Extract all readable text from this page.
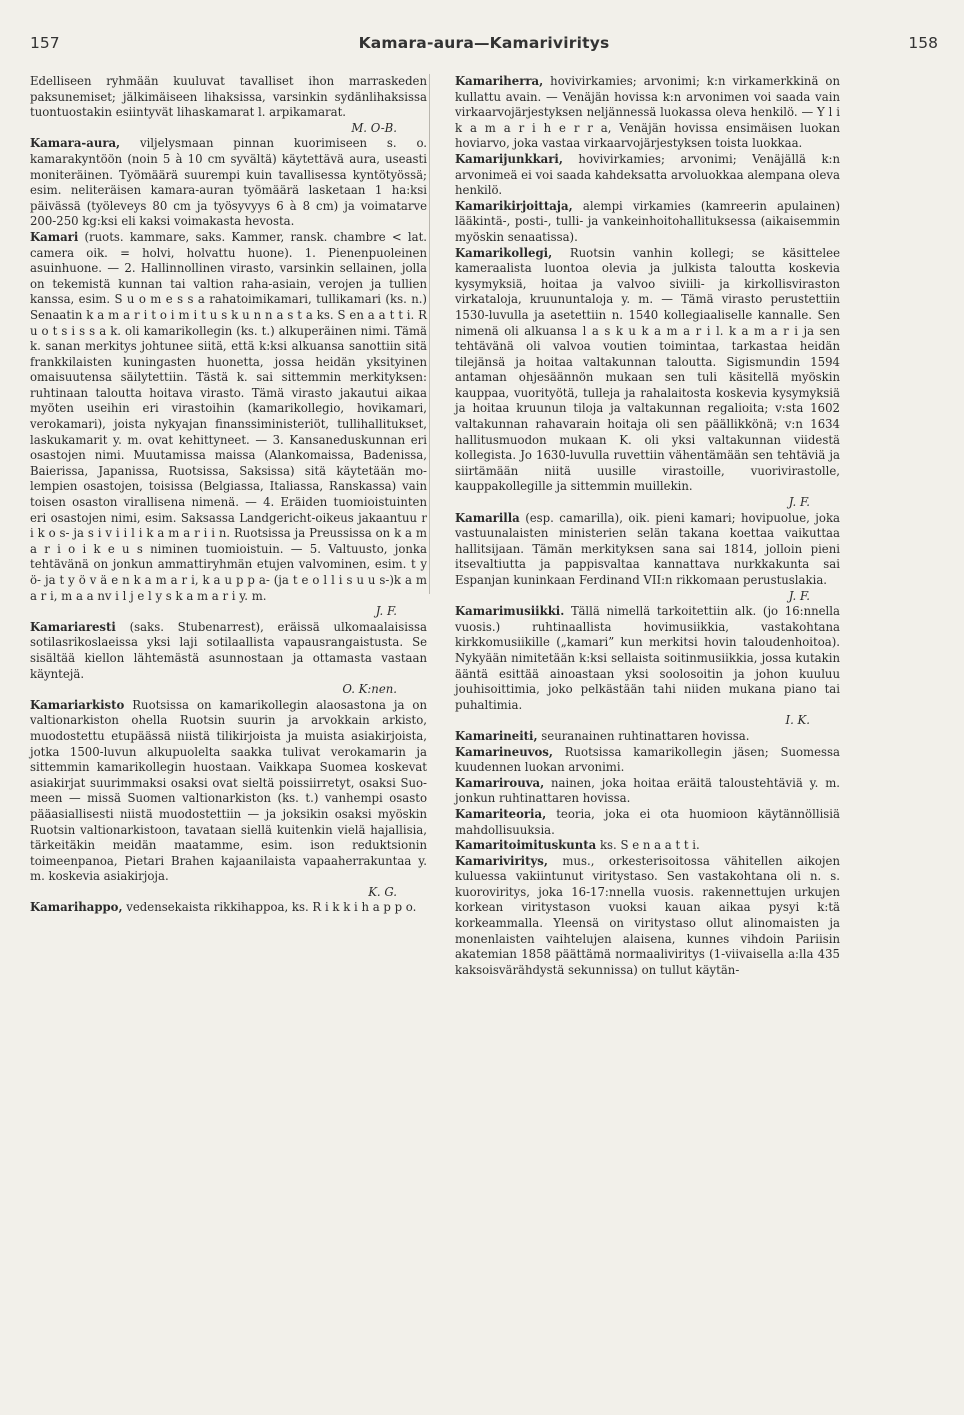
157	Kamara-aura—Kamariviritys	158

Edelliseen ryhmään kuuluvat tavalliset ihon marraskeden paksunemiset; jälkimäiseen lihaksissa, varsinkin sydänlihaksissa tuontuostakin esiintyvät lihaskamarat l. arpikamarat.
M. O-B.

Kamara-aura, viljelysmaan pinnan kuorimiseen s. o. kamarakyntöön (noin 5 à 10 cm syvältä) käytettävä aura, useasti moniteräinen. Työmäärä suurempi kuin tavallisessa kyntötyössä; esim. neliteräisen kamara-auran työmäärä lasketaan 1 ha:ksi päivässä (työleveys 80 cm ja työsyvyys 6 à 8 cm) ja voimatarve 200-250 kg:ksi eli kaksi voimakasta hevosta.

Kamari (ruots. kammare, saks. Kammer, ransk. chambre < lat. camera oik. = holvi, holvattu huone). 1. Pienenpuoleinen asuinhuone. — 2. Hallinnollinen virasto, varsinkin sellainen, jolla on tekemistä kunnan tai valtion raha-asiain, verojen ja tullien kanssa, esim. S u o m e s s a rahatoimikamari, tullikamari (ks. n.) Senaatin k a m a r i t o i m i t u s k u n n a s t a ks. S en a a t t i. R u o t s i s s a k. oli kamarikollegin (ks. t.) alkuperäinen nimi. Tämä k. sanan merkitys johtunee siitä, että k:ksi alkuansa sanottiin sitä frankkilaisten kuningasten huonetta, jossa heidän yksityinen omaisuutensa säilytettiin. Tästä k. sai sittemmin merkityksen: ruhtinaan taloutta hoitava virasto. Tämä virasto jakautui aikaa myöten useihin eri virastoihin (kamarikollegio, hovikamari, verokamari), joista nykyajan finanssiministeriöt, tullihallitukset, laskukamarit y. m. ovat kehittyneet. — 3. Kansaneduskunnan eri osastojen nimi. Muutamissa maissa (Alankomaissa, Badenissa, Baierissa, Japanissa, Ruotsissa, Saksissa) sitä käytetään molempien osastojen, toisissa (Belgiassa, Italiassa, Ranskassa) vain toisen osaston virallisena nimenä. — 4. Eräiden tuomioistuinten eri osastojen nimi, esim. Saksassa Landgericht-oikeus jakaantuu r i k o s- ja s i v i i l i k a m a r i i n. Ruotsissa ja Preussissa on k a m a r i o i k e u s niminen tuomioistuin. — 5. Valtuusto, jonka tehtävänä on jonkun ammattiryhmän etujen valvominen, esim. t y ö- ja t y ö v ä e n k a m a r i, k a u p p a- (ja t e o l l i s u u s-)k a m a r i, m a a nv i l j e l y s k a m a r i y. m.
J. F.

Kamariaresti (saks. Stubenarrest), eräissä ulkomaalaisissa sotilasrikoslaeissa yksi laji sotilaallista vapausrangaistusta. Se sisältää kiellon lähtemästä asunnostaan ja ottamasta vastaan käyntejä.
O. K:nen.

Kamariarkisto Ruotsissa on kamarikollegin alaosastona ja on valtionarkiston ohella Ruotsin suurin ja arvokkain arkisto, muodostettu etupäässä niistä tilikirjoista ja muista asiakirjoista, jotka 1500-luvun alkupuolelta saakka tulivat verokamarin ja sittemmin kamarikollegin huostaan. Vaikkapa Suomea koskevat asiakirjat suurimmaksi osaksi ovat sieltä poissiirretyt, osaksi Suomeen — missä Suomen valtionarkiston (ks. t.) vanhempi osasto pääasiallisesti niistä muodostettiin — ja joksikin osaksi myöskin Ruotsin valtionarkistoon, tavataan siellä kuitenkin vielä hajallisia, tärkeitäkin meidän maatamme, esim. ison reduktsionin toimeenpanoa, Pietari Brahen kajaanilaista vapaaherrakuntaa y. m. koskevia asiakirjoja.
K. G.

Kamarihappo, vedensekaista rikkihappoa, ks. R i k k i h a p p o.

Kamariherra, hovivirkamies; arvonimi; k:n virkamerkkinä on kullattu avain. — Venäjän hovissa k:n arvonimen voi saada vain virkaarvojärjestyksen neljännessä luokassa oleva henkilö. — Y l i k a m a r i h e r r a, Venäjän hovissa ensimäisen luokan hoviarvo, joka vastaa virkaarvojärjestyksen toista luokkaa.

Kamarijunkkari, hovivirkamies; arvonimi; Venäjällä k:n arvonimeä ei voi saada kahdeksatta arvoluokkaa alempana oleva henkilö.

Kamarikirjoittaja, alempi virkamies (kamreerin apulainen) lääkintä-, posti-, tulli- ja vankeinhoitohallituksessa (aikaisemmin myöskin senaatissa).

Kamarikollegi, Ruotsin vanhin kollegi; se käsittelee kameraalista luontoa olevia ja julkista taloutta koskevia kysymyksiä, hoitaa ja valvoo siviili- ja kirkollisviraston virkataloja, kruununtaloja y. m. — Tämä virasto perustettiin 1530-luvulla ja asetettiin n. 1540 kollegiaaliselle kannalle. Sen nimenä oli alkuansa l a s k u k a m a r i l. k a m a r i ja sen tehtävänä oli valvoa voutien toimintaa, tarkastaa heidän tilejänsä ja hoitaa valtakunnan taloutta. Sigismundin 1594 antaman ohjesäännön mukaan sen tuli käsitellä myöskin kauppaa, vuorityötä, tulleja ja rahalaitosta koskevia kysymyksiä ja hoitaa kruunun tiloja ja valtakunnan regalioita; v:sta 1602 valtakunnan rahavarain hoitaja oli sen päällikkönä; v:n 1634 hallitusmuodon mukaan K. oli yksi valtakunnan viidestä kollegista. Jo 1630-luvulla ruvettiin vähentämään sen tehtäviä ja siirtämään niitä uusille virastoille, vuorivirastolle, kauppakollegille ja sittemmin muillekin.
J. F.

Kamarilla (esp. camarilla), oik. pieni kamari; hovipuolue, joka vastuunalaisten ministerien selän takana koettaa vaikuttaa hallitsijaan. Tämän merkityksen sana sai 1814, jolloin pieni itsevaltiutta ja pappisvaltaa kannattava nurkkakunta sai Espanjan kuninkaan Ferdinand VII:n rikkomaan perustuslakia.
J. F.

Kamarimusiikki. Tällä nimellä tarkoitettiin alk. (jo 16:nnella vuosis.) ruhtinaallista hovimusiikkia, vastakohtana kirkkomusiikille („kamari” kun merkitsi hovin taloudenhoitoa). Nykyään nimitetään k:ksi sellaista soitinmusiikkia, jossa kutakin ääntä esittää ainoastaan yksi soolosoitin ja johon kuuluu jouhisoittimia, joko pelkästään tahi niiden mukana piano tai puhaltimia.
I. K.

Kamarineiti, seuranainen ruhtinattaren hovissa.

Kamarineuvos, Ruotsissa kamarikollegin jäsen; Suomessa kuudennen luokan arvonimi.

Kamarirouva, nainen, joka hoitaa eräitä taloustehtäviä y. m. jonkun ruhtinattaren hovissa.

Kamariteoria, teoria, joka ei ota huomioon käytännöllisiä mahdollisuuksia.

Kamaritoimituskunta ks. S e n a a t t i.

Kamariviritys, mus., orkesterisoitossa vähitellen aikojen kuluessa vakiintunut viritystaso. Sen vastakohtana oli n. s. kuoroviritys, joka 16-17:nnella vuosis. rakennettujen urkujen korkean viritystason vuoksi kauan aikaa pysyi k:tä korkeammalla. Yleensä on viritystaso ollut alinomaisten ja monenlaisten vaihtelujen alaisena, kunnes vihdoin Pariisin akatemian 1858 päättämä normaaliviritys (1-viivaisella a:lla 435 kaksoisvärähdystä sekunnissa) on tullut käytän-
